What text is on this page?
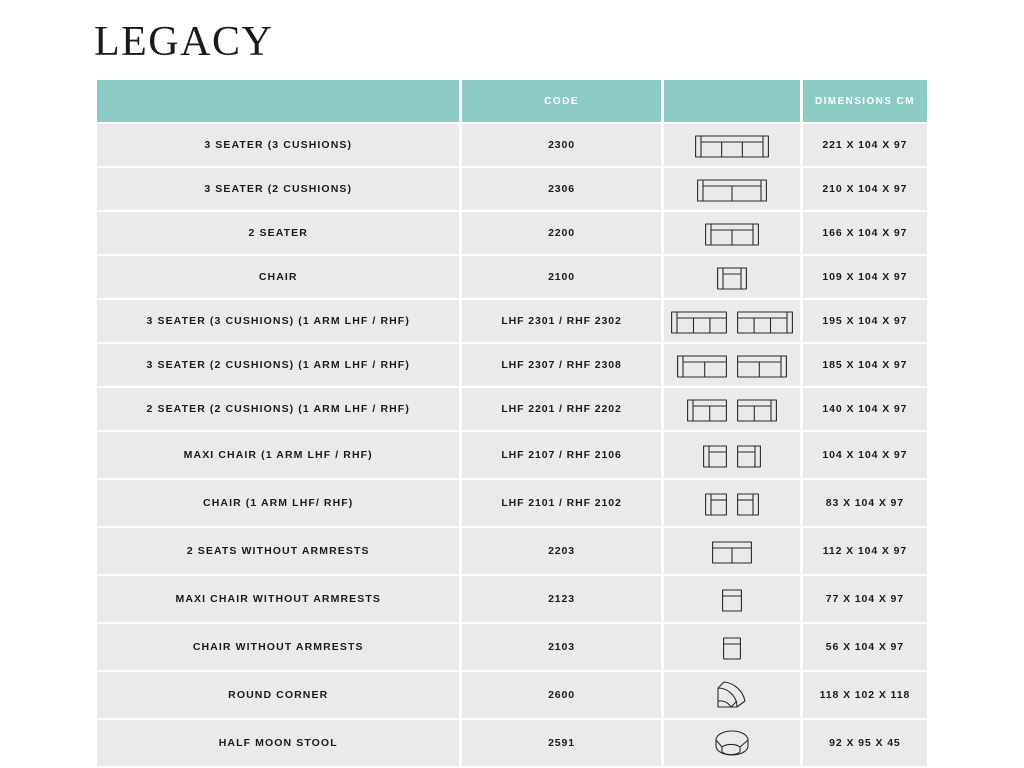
LEGACY
	CODE		DIMENSIONS CM
3 SEATER (3 CUSHIONS)	2300		221 X 104 X 97
3 SEATER (2 CUSHIONS)	2306		210 X 104 X 97
2 SEATER	2200		166 X 104 X 97
CHAIR	2100		109 X 104 X 97
3 SEATER (3 CUSHIONS) (1 ARM LHF / RHF)	LHF 2301 / RHF 2302		195 X 104 X 97
3 SEATER (2 CUSHIONS) (1 ARM LHF / RHF)	LHF 2307 / RHF 2308		185 X 104 X 97
2 SEATER (2 CUSHIONS) (1 ARM LHF / RHF)	LHF 2201 / RHF 2202		140 X 104 X 97
MAXI CHAIR (1 ARM LHF / RHF)	LHF 2107 / RHF 2106		104 X 104 X 97
CHAIR (1 ARM LHF/ RHF)	LHF 2101 / RHF 2102		83 X 104 X 97
2 SEATS WITHOUT ARMRESTS	2203		112 X 104 X 97
MAXI CHAIR WITHOUT ARMRESTS	2123		77 X 104 X 97
CHAIR WITHOUT ARMRESTS	2103		56 X 104 X 97
ROUND CORNER	2600		118 X 102 X 118
HALF MOON STOOL	2591		92 X 95 X 45
